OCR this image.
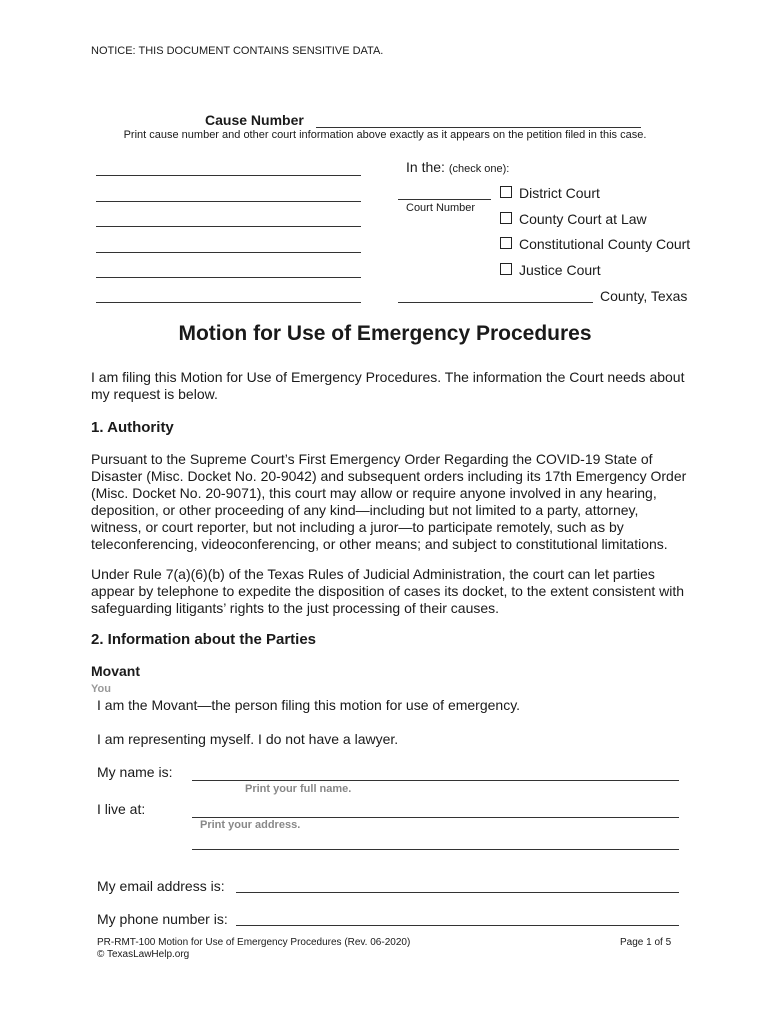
NOTICE: THIS DOCUMENT CONTAINS SENSITIVE DATA.
Cause Number
Print cause number and other court information above exactly as it appears on the petition filed in this case.
In the: (check one):
Court Number
District Court
County Court at Law
Constitutional County Court
Justice Court
County, Texas
Motion for Use of Emergency Procedures
I am filing this Motion for Use of Emergency Procedures. The information the Court needs about my request is below.
1. Authority
Pursuant to the Supreme Court’s First Emergency Order Regarding the COVID-19 State of Disaster (Misc. Docket No. 20-9042) and subsequent orders including its 17th Emergency Order (Misc. Docket No. 20-9071), this court may allow or require anyone involved in any hearing, deposition, or other proceeding of any kind—including but not limited to a party, attorney, witness, or court reporter, but not including a juror—to participate remotely, such as by teleconferencing, videoconferencing, or other means; and subject to constitutional limitations.
Under Rule 7(a)(6)(b) of the Texas Rules of Judicial Administration, the court can let parties appear by telephone to expedite the disposition of cases its docket, to the extent consistent with safeguarding litigants’ rights to the just processing of their causes.
2. Information about the Parties
Movant
You
I am the Movant—the person filing this motion for use of emergency.
I am representing myself. I do not have a lawyer.
My name is:
Print your full name.
I live at:
Print your address.
My email address is:
My phone number is:
PR-RMT-100 Motion for Use of Emergency Procedures (Rev. 06-2020)
© TexasLawHelp.org
Page 1 of 5
